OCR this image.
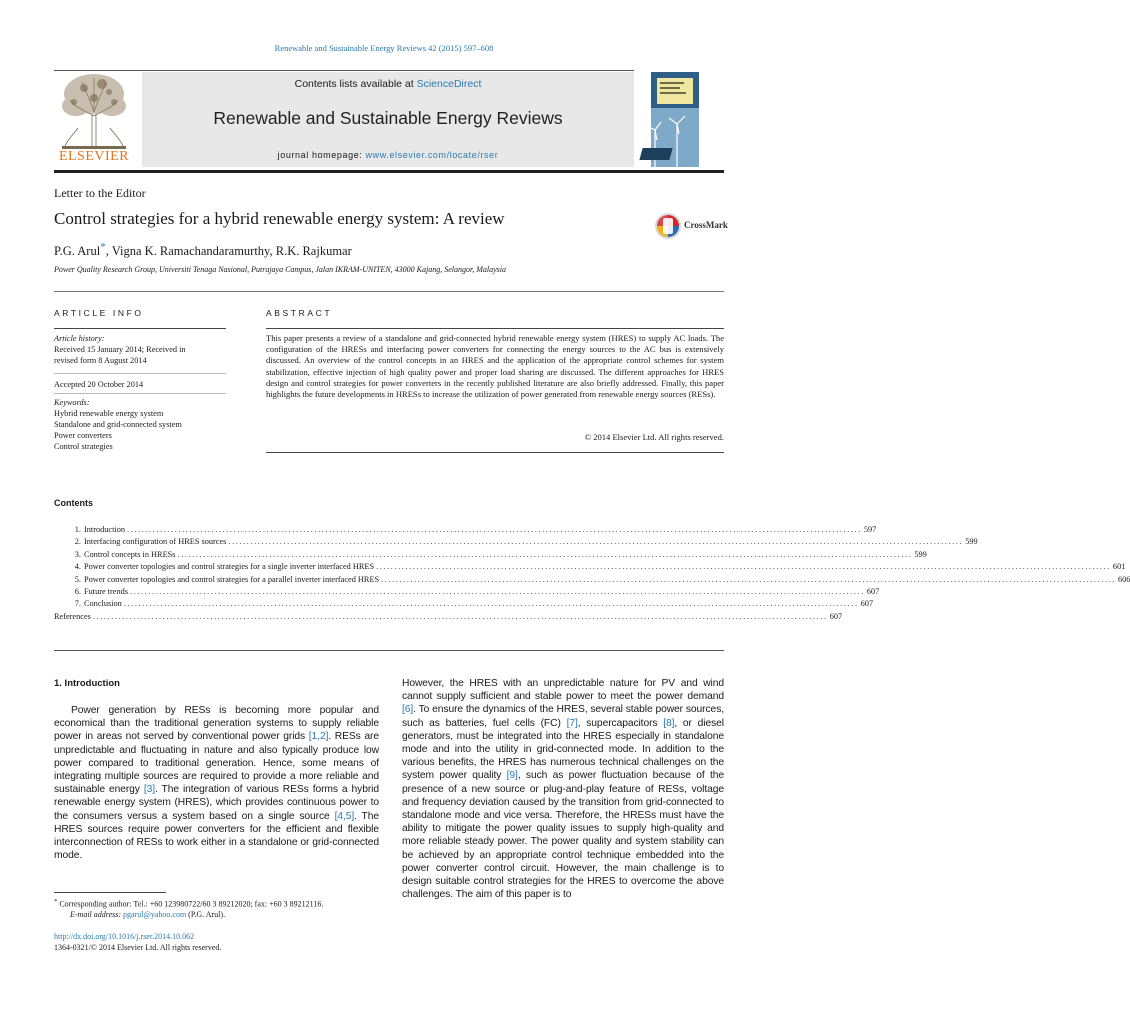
Renewable and Sustainable Energy Reviews 42 (2015) 597–608
ELSEVIER
Contents lists available at ScienceDirect
Renewable and Sustainable Energy Reviews
journal homepage: www.elsevier.com/locate/rser
Letter to the Editor
Control strategies for a hybrid renewable energy system: A review	CrossMark
P.G. Arul*, Vigna K. Ramachandaramurthy, R.K. Rajkumar
Power Quality Research Group, Universiti Tenaga Nasional, Putrajaya Campus, Jalan IKRAM-UNITEN, 43000 Kajang, Selangor, Malaysia
ARTICLE INFO	ABSTRACT
Article history:
Received 15 January 2014; Received in
revised form 8 August 2014
Accepted 20 October 2014
Keywords:
Hybrid renewable energy system
Standalone and grid-connected system
Power converters
Control strategies
This paper presents a review of a standalone and grid-connected hybrid renewable energy system (HRES) to supply AC loads. The configuration of the HRESs and interfacing power converters for connecting the energy sources to the AC bus is extensively discussed. An overview of the control concepts in an HRES and the application of the appropriate control schemes for system stabilization, effective injection of high quality power and proper load sharing are discussed. The different approaches for HRES design and control strategies for power converters in the recently published literature are also briefly addressed. Finally, this paper highlights the future developments in HRESs to increase the utilization of power generated from renewable energy sources (RESs).
© 2014 Elsevier Ltd. All rights reserved.
Contents
1. Introduction ........................................................................................................................................................................................................ 597
2. Interfacing configuration of HRES sources ........................................................................................................................................................................................................ 599
3. Control concepts in HRESs ........................................................................................................................................................................................................ 599
4. Power converter topologies and control strategies for a single inverter interfaced HRES ........................................................................................................................................................................................................ 601
5. Power converter topologies and control strategies for a parallel inverter interfaced HRES ........................................................................................................................................................................................................ 606
6. Future trends ........................................................................................................................................................................................................ 607
7. Conclusion ........................................................................................................................................................................................................ 607
References ........................................................................................................................................................................................................ 607
1. Introduction
Power generation by RESs is becoming more popular and economical than the traditional generation systems to supply reliable power in areas not served by conventional power grids [1,2]. RESs are unpredictable and fluctuating in nature and also typically produce low power compared to traditional generation. Hence, some means of integrating multiple sources are required to provide a more reliable and sustainable energy [3]. The integration of various RESs forms a hybrid renewable energy system (HRES), which provides continuous power to the consumers versus a system based on a single source [4,5]. The HRES sources require power converters for the efficient and flexible interconnection of RESs to work either in a standalone or grid-connected mode.
However, the HRES with an unpredictable nature for PV and wind cannot supply sufficient and stable power to meet the power demand [6]. To ensure the dynamics of the HRES, several stable power sources, such as batteries, fuel cells (FC) [7], supercapacitors [8], or diesel generators, must be integrated into the HRES especially in standalone mode and into the utility in grid-connected mode. In addition to the various benefits, the HRES has numerous technical challenges on the system power quality [9], such as power fluctuation because of the presence of a new source or plug-and-play feature of RESs, voltage and frequency deviation caused by the transition from grid-connected to standalone mode and vice versa. Therefore, the HRESs must have the ability to mitigate the power quality issues to supply high-quality and more reliable steady power. The power quality and system stability can be achieved by an appropriate control technique embedded into the power converter control circuit. However, the main challenge is to design suitable control strategies for the HRES to overcome the above challenges. The aim of this paper is to
* Corresponding author: Tel.: +60 123980722/60 3 89212020; fax: +60 3 89212116.
E-mail address: pgarul@yahoo.com (P.G. Arul).
http://dx.doi.org/10.1016/j.rser.2014.10.062
1364-0321/© 2014 Elsevier Ltd. All rights reserved.
